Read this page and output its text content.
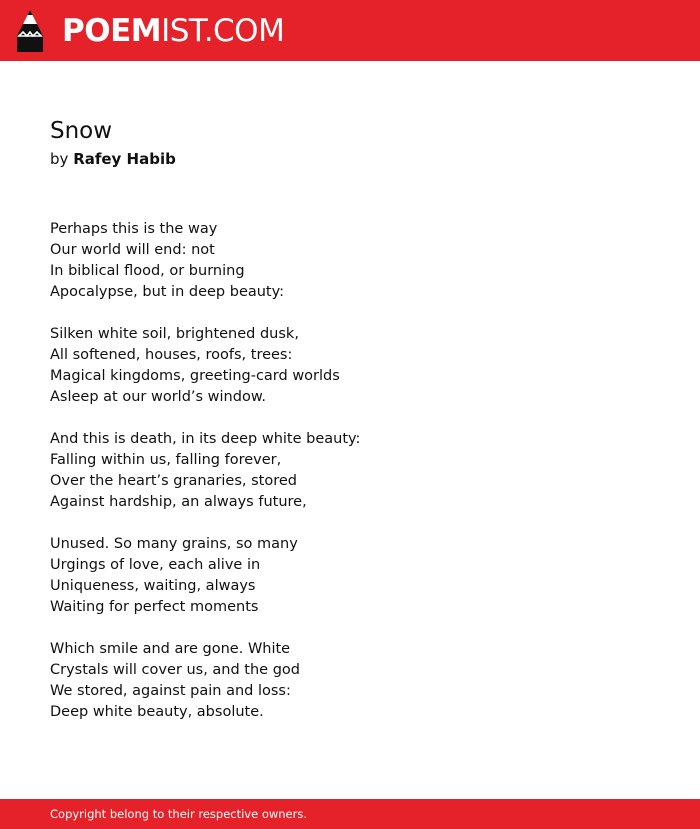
POEMIST.COM
Snow
by Rafey Habib
Perhaps this is the way
Our world will end: not
In biblical flood, or burning
Apocalypse, but in deep beauty:
Silken white soil, brightened dusk,
All softened, houses, roofs, trees:
Magical kingdoms, greeting-card worlds
Asleep at our world’s window.
And this is death, in its deep white beauty:
Falling within us, falling forever,
Over the heart’s granaries, stored
Against hardship, an always future,
Unused. So many grains, so many
Urgings of love, each alive in
Uniqueness, waiting, always
Waiting for perfect moments
Which smile and are gone. White
Crystals will cover us, and the god
We stored, against pain and loss:
Deep white beauty, absolute.
Copyright belong to their respective owners.
